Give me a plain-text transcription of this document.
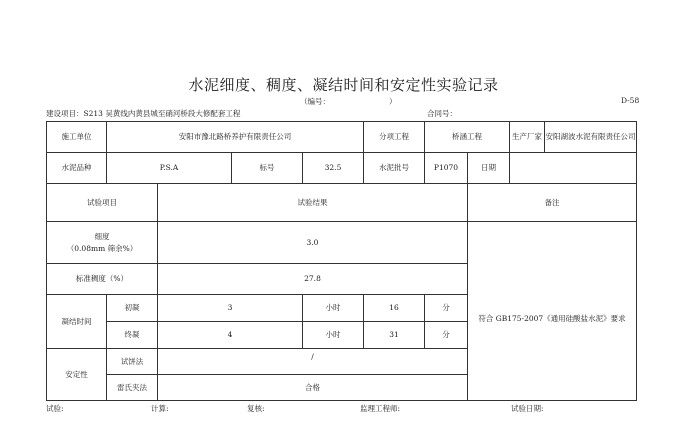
水泥细度、稠度、凝结时间和安定性实验记录
（编号：	）	D-58
建设项目：S213 吴黄线内黄县城至硝河桥段大修配套工程	合同号：
施工单位	安阳市豫北路桥养护有限责任公司				分项工程	桥涵工程		生产厂家	安阳湖波水泥有限责任公司
水泥品种	P.S.A		标号	32.5	水泥批号	P1070	日期		
试验项目		试验结果					备注		

细度
（0.08mm 筛余%）		3.0					符合 GB175-2007《通用硅酸盐水泥》要求		
标准稠度（%）		27.8							
凝结时间	初凝	3		小时	16	分			
	终凝	4		小时	31	分			
安定性	试饼法	/							
	雷氏夹法	合格							
试验:	计算:	复核:	监理工程师:	试验日期:
